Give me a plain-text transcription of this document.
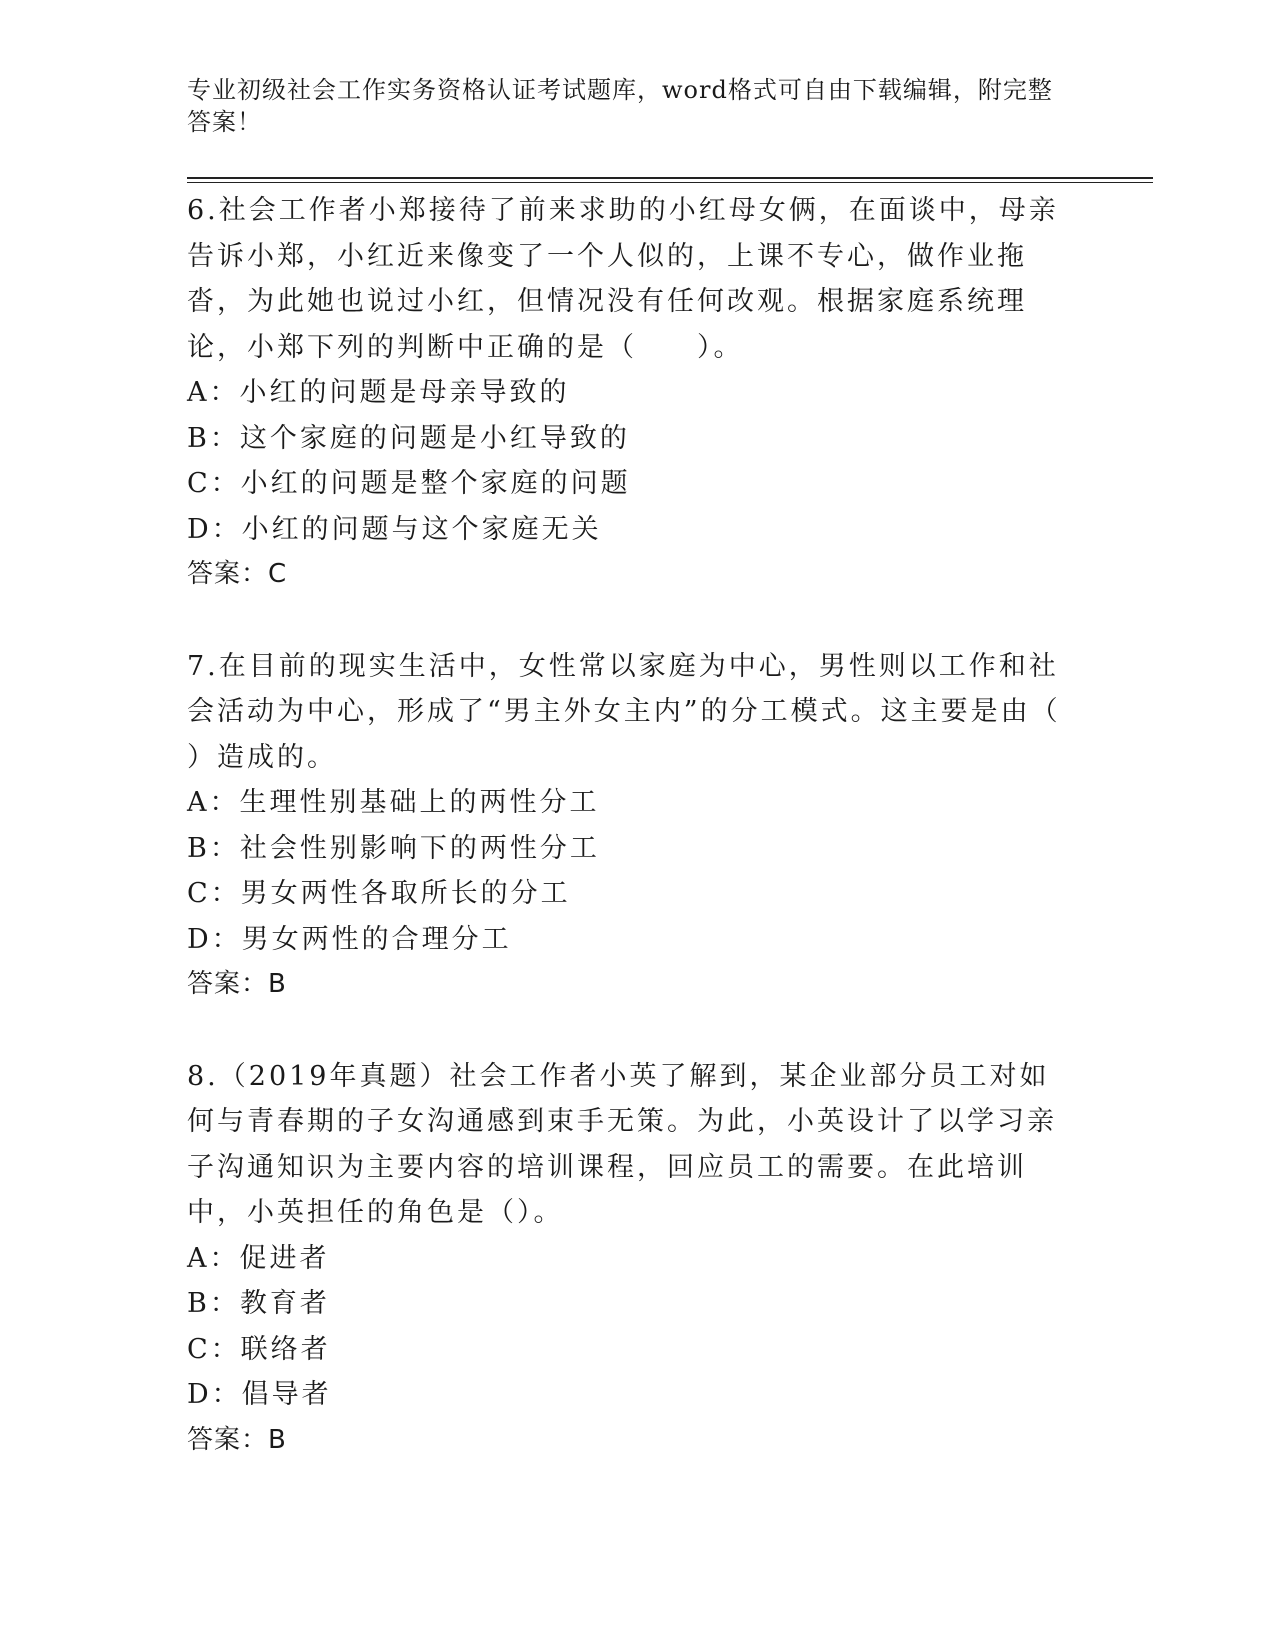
专业初级社会工作实务资格认证考试题库，word格式可自由下载编辑，附完整答案！
6.社会工作者小郑接待了前来求助的小红母女俩，在面谈中，母亲告诉小郑，小红近来像变了一个人似的，上课不专心，做作业拖沓，为此她也说过小红，但情况没有任何改观。根据家庭系统理论，小郑下列的判断中正确的是（　　）。
A：小红的问题是母亲导致的
B：这个家庭的问题是小红导致的
C：小红的问题是整个家庭的问题
D：小红的问题与这个家庭无关
答案：C
7.在目前的现实生活中，女性常以家庭为中心，男性则以工作和社会活动为中心，形成了“男主外女主内”的分工模式。这主要是由（ ）造成的。
A：生理性别基础上的两性分工
B：社会性别影响下的两性分工
C：男女两性各取所长的分工
D：男女两性的合理分工
答案：B
8.（2019年真题）社会工作者小英了解到，某企业部分员工对如何与青春期的子女沟通感到束手无策。为此，小英设计了以学习亲子沟通知识为主要内容的培训课程，回应员工的需要。在此培训中，小英担任的角色是（）。
A：促进者
B：教育者
C：联络者
D：倡导者
答案：B
